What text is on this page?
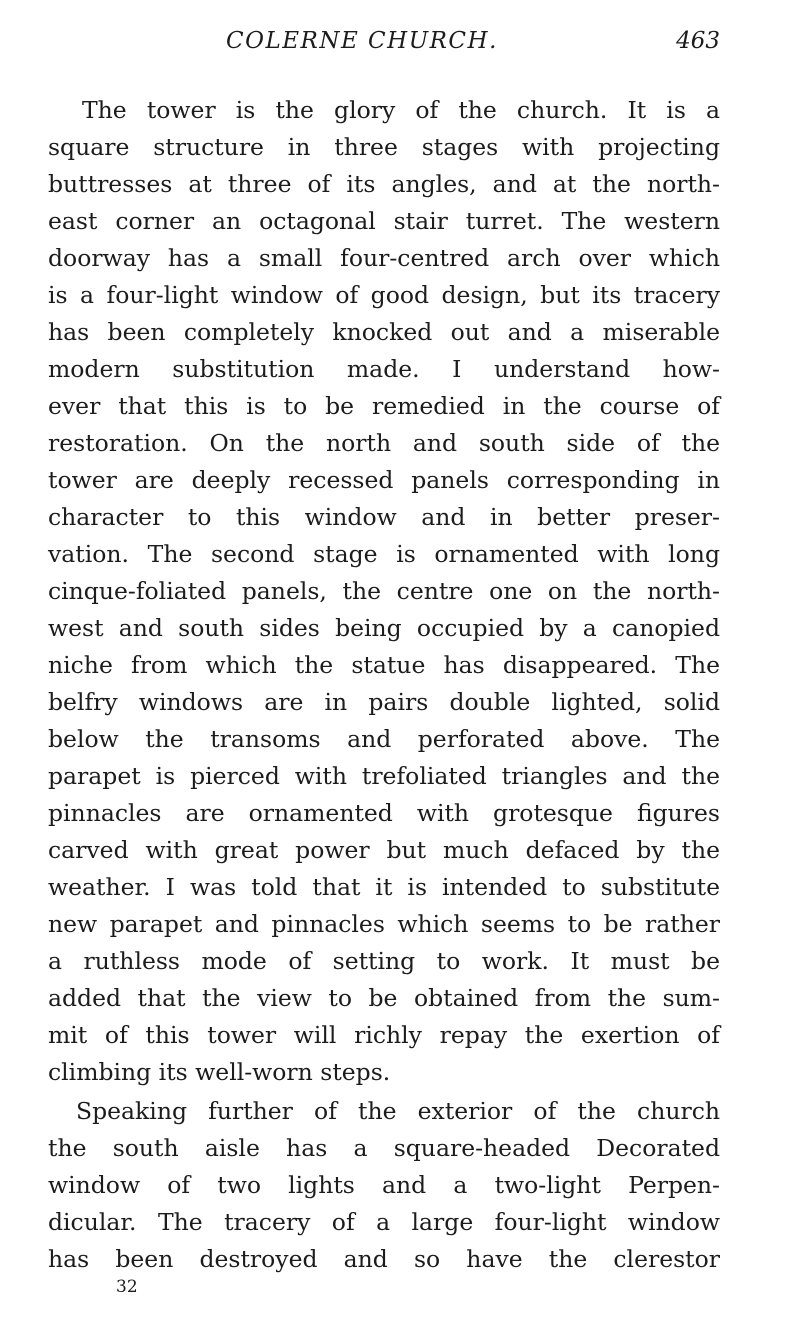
COLERNE CHURCH.	463
The tower is the glory of the church. It is a
square structure in three stages with projecting
buttresses at three of its angles, and at the north-
east corner an octagonal stair turret. The western
doorway has a small four-centred arch over which
is a four-light window of good design, but its tracery
has been completely knocked out and a miserable
modern substitution made. I understand how-
ever that this is to be remedied in the course of
restoration. On the north and south side of the
tower are deeply recessed panels corresponding in
character to this window and in better preser-
vation. The second stage is ornamented with long
cinque-foliated panels, the centre one on the north-
west and south sides being occupied by a canopied
niche from which the statue has disappeared. The
belfry windows are in pairs double lighted, solid
below the transoms and perforated above. The
parapet is pierced with trefoliated triangles and the
pinnacles are ornamented with grotesque figures
carved with great power but much defaced by the
weather. I was told that it is intended to substitute
new parapet and pinnacles which seems to be rather
a ruthless mode of setting to work. It must be
added that the view to be obtained from the sum-
mit of this tower will richly repay the exertion of
climbing its well-worn steps.
Speaking further of the exterior of the church
the south aisle has a square-headed Decorated
window of two lights and a two-light Perpen-
dicular. The tracery of a large four-light window
has been destroyed and so have the clerestor
32
